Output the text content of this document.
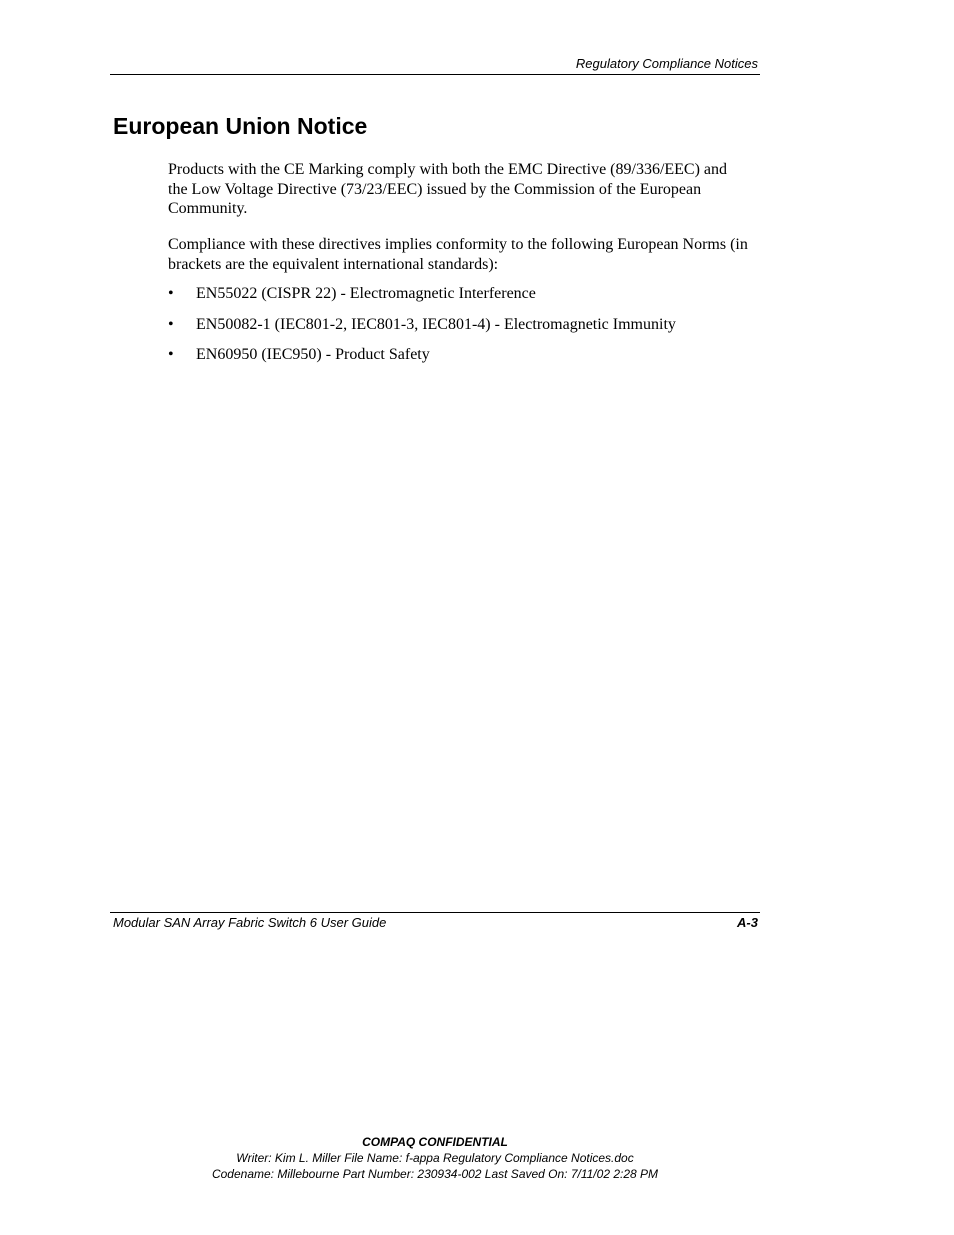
Regulatory Compliance Notices
European Union Notice

Products with the CE Marking comply with both the EMC Directive (89/336/EEC) and the Low Voltage Directive (73/23/EEC) issued by the Commission of the European Community.

Compliance with these directives implies conformity to the following European Norms (in brackets are the equivalent international standards):

• EN55022 (CISPR 22) - Electromagnetic Interference
• EN50082-1 (IEC801-2, IEC801-3, IEC801-4) - Electromagnetic Immunity
• EN60950 (IEC950) - Product Safety
Modular SAN Array Fabric Switch 6 User Guide	A-3
COMPAQ CONFIDENTIAL
Writer: Kim L. Miller File Name: f-appa Regulatory Compliance Notices.doc
Codename: Millebourne Part Number: 230934-002 Last Saved On: 7/11/02 2:28 PM
